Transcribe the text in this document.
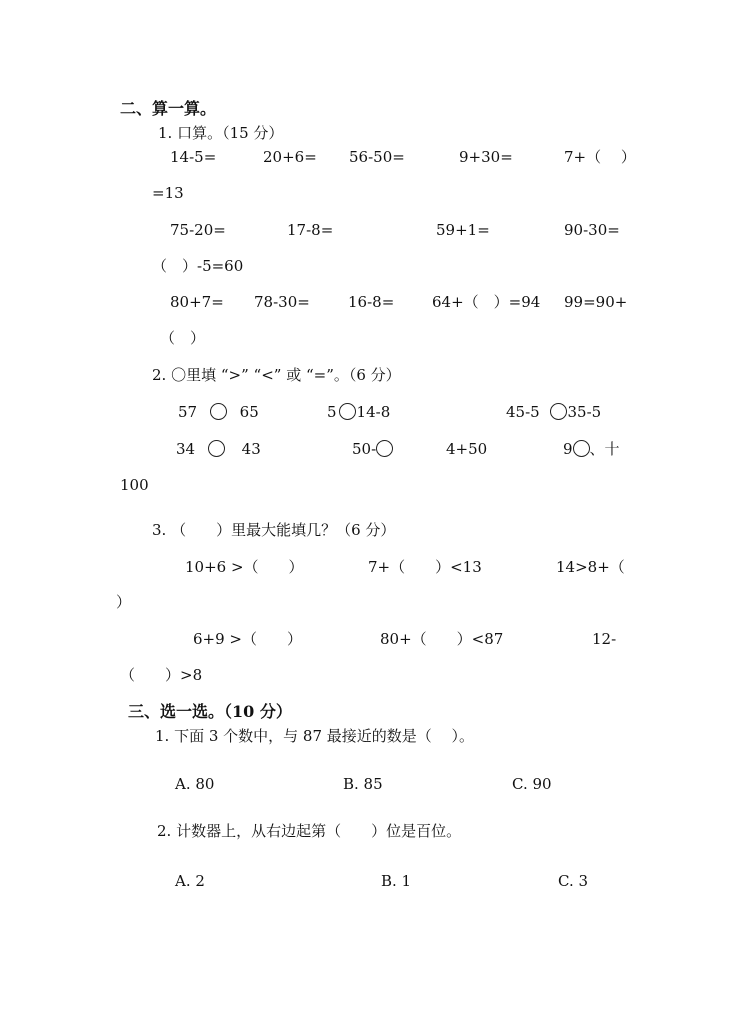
二、算一算。
1. 口算。（15 分）
14-5=	20+6= 56-50=	9+30=	7+（　 ）
=13
75-20=	17-8=	59+1=	90-30=
（　）-5=60
80+7= 78-30=	16-8=	64+（　）=94 99=90+
（　）
2. 〇里填 “>” “<” 或 “=”。（6 分）
57	65	5 14-8	45-5 35-5
34	43	50-	4+50	9 、十
100
3. （　　）里最大能填几？（6 分）
10+6 >（　　）	7+（　　）<13	14>8+（
）
6+9 >（　　）	80+（　　）<87	12-
（　　）>8
三、选一选。（10 分）
1. 下面 3 个数中，与 87 最接近的数是（　 ）。
A. 80	B. 85	C. 90
2. 计数器上，从右边起第（　　）位是百位。
A. 2	B. 1	C. 3
